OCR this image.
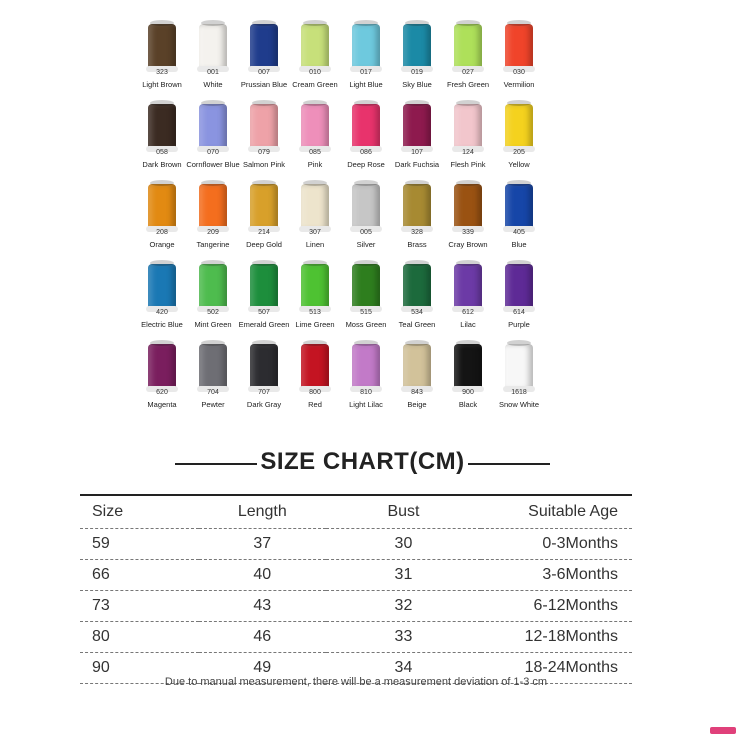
323
Light Brown
001
White
007
Prussian Blue
010
Cream Green
017
Light Blue
019
Sky Blue
027
Fresh Green
030
Vermilion
058
Dark Brown
070
Cornflower Blue
079
Salmon Pink
085
Pink
086
Deep Rose
107
Dark Fuchsia
124
Flesh Pink
205
Yellow
208
Orange
209
Tangerine
214
Deep Gold
307
Linen
005
Silver
328
Brass
339
Cray Brown
405
Blue
420
Electric Blue
502
Mint Green
507
Emerald Green
513
Lime Green
515
Moss Green
534
Teal Green
612
Lilac
614
Purple
620
Magenta
704
Pewter
707
Dark Gray
800
Red
810
Light Lilac
843
Beige
900
Black
1618
Snow White
SIZE CHART(CM)
Size	Length	Bust	Suitable Age
59	37	30	0-3Months
66	40	31	3-6Months
73	43	32	6-12Months
80	46	33	12-18Months
90	49	34	18-24Months
Due to manual measurement, there will be a measurement deviation of 1-3 cm
